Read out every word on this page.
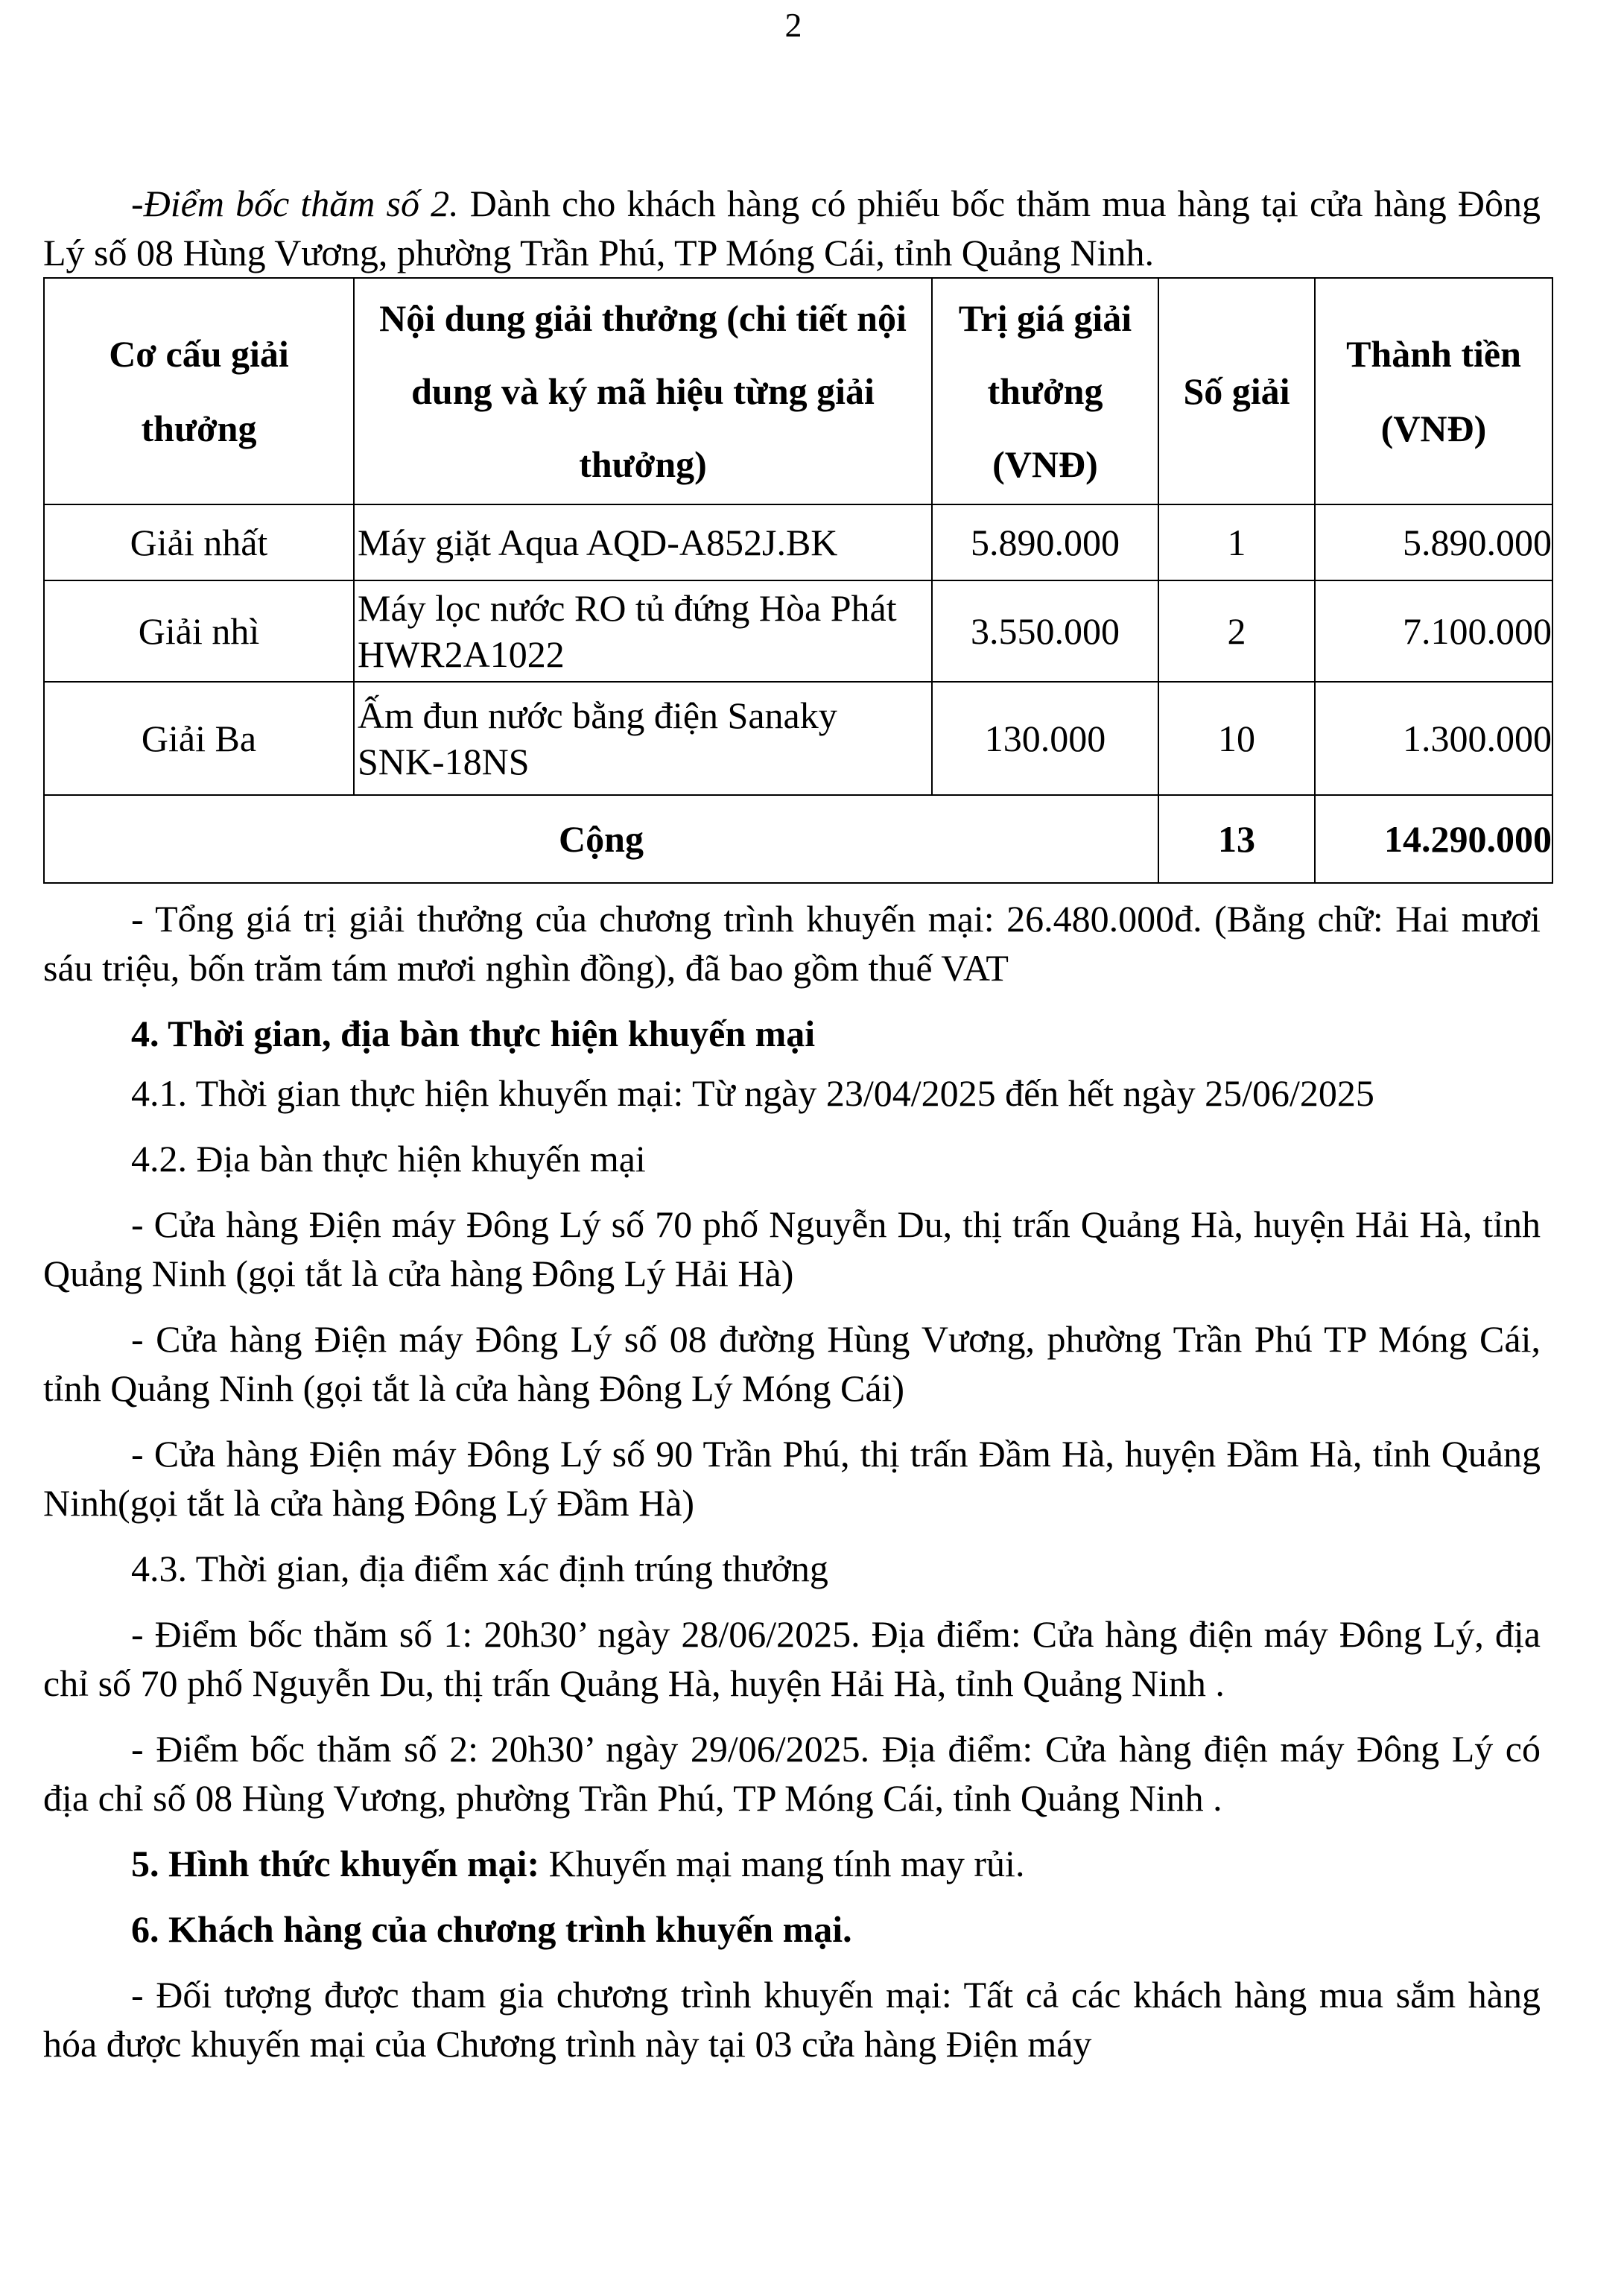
2

-Điểm bốc thăm số 2. Dành cho khách hàng có phiếu bốc thăm mua hàng tại cửa hàng Đông Lý số 08 Hùng Vương, phường Trần Phú, TP Móng Cái, tỉnh Quảng Ninh.

Cơ cấu giải thưởng	Nội dung giải thưởng (chi tiết nội dung và ký mã hiệu từng giải thưởng)	Trị giá giải thưởng (VNĐ)	Số giải	Thành tiền (VNĐ)
Giải nhất	Máy giặt Aqua AQD-A852J.BK	5.890.000	1	5.890.000
Giải nhì	Máy lọc nước RO tủ đứng Hòa Phát HWR2A1022	3.550.000	2	7.100.000
Giải Ba	Ấm đun nước bằng điện Sanaky SNK-18NS	130.000	10	1.300.000
Cộng			13	14.290.000

- Tổng giá trị giải thưởng của chương trình khuyến mại: 26.480.000đ. (Bằng chữ: Hai mươi sáu triệu, bốn trăm tám mươi nghìn đồng), đã bao gồm thuế VAT

4. Thời gian, địa bàn thực hiện khuyến mại

4.1. Thời gian thực hiện khuyến mại: Từ ngày 23/04/2025 đến hết ngày 25/06/2025

4.2. Địa bàn thực hiện khuyến mại

- Cửa hàng Điện máy Đông Lý số 70 phố Nguyễn Du, thị trấn Quảng Hà, huyện Hải Hà, tỉnh Quảng Ninh (gọi tắt là cửa hàng Đông Lý Hải Hà)

- Cửa hàng Điện máy Đông Lý số 08 đường Hùng Vương, phường Trần Phú TP Móng Cái, tỉnh Quảng Ninh (gọi tắt là cửa hàng Đông Lý Móng Cái)

- Cửa hàng Điện máy Đông Lý số 90 Trần Phú, thị trấn Đầm Hà, huyện Đầm Hà, tỉnh Quảng Ninh(gọi tắt là cửa hàng Đông Lý Đầm Hà)

4.3. Thời gian, địa điểm xác định trúng thưởng

- Điểm bốc thăm số 1: 20h30’ ngày 28/06/2025. Địa điểm: Cửa hàng điện máy Đông Lý, địa chỉ số 70 phố Nguyễn Du, thị trấn Quảng Hà, huyện Hải Hà, tỉnh Quảng Ninh .

- Điểm bốc thăm số 2: 20h30’ ngày 29/06/2025. Địa điểm: Cửa hàng điện máy Đông Lý có địa chỉ số 08 Hùng Vương, phường Trần Phú, TP Móng Cái, tỉnh Quảng Ninh .

5. Hình thức khuyến mại: Khuyến mại mang tính may rủi.

6. Khách hàng của chương trình khuyến mại.

- Đối tượng được tham gia chương trình khuyến mại: Tất cả các khách hàng mua sắm hàng hóa được khuyến mại của Chương trình này tại 03 cửa hàng Điện máy
